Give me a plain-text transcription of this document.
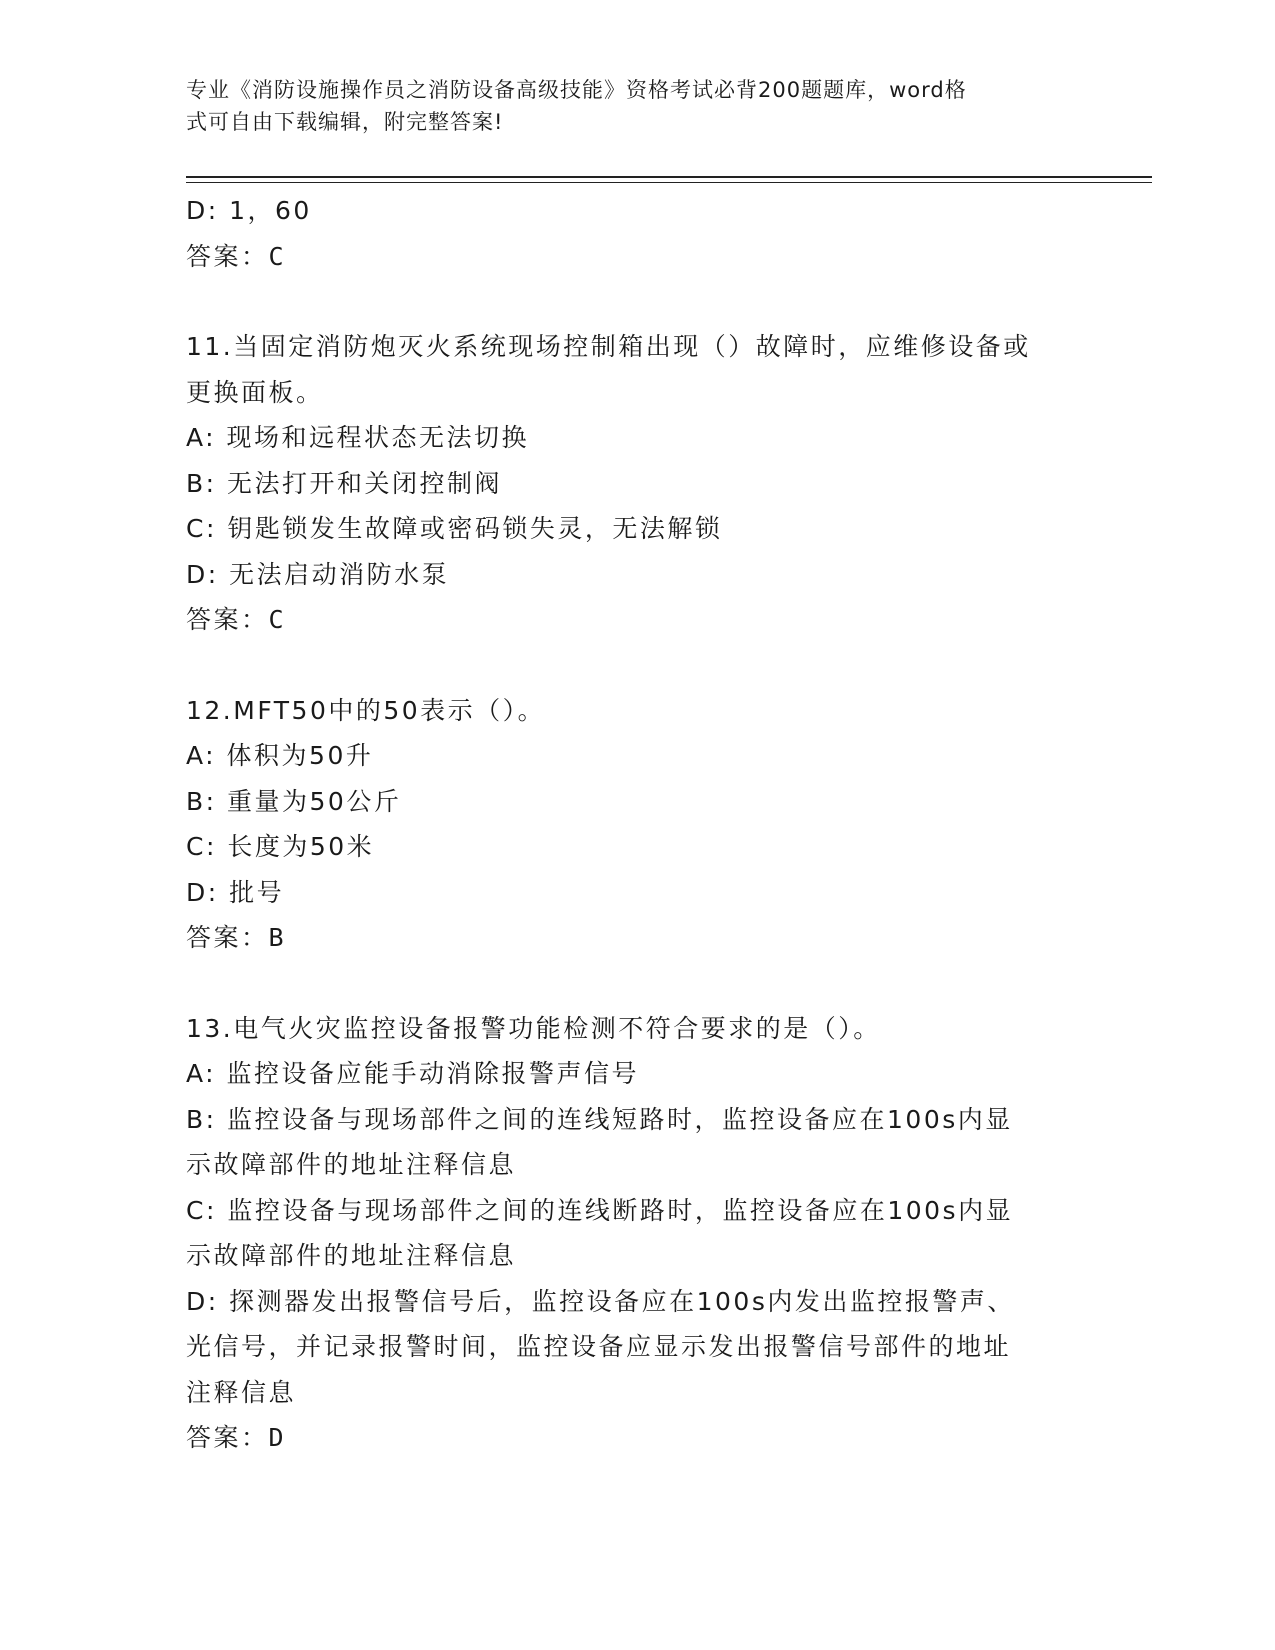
专业《消防设施操作员之消防设备高级技能》资格考试必背200题题库，word格
式可自由下载编辑，附完整答案!
D: 1，60
答案：C
11.当固定消防炮灭火系统现场控制箱出现（）故障时，应维修设备或
更换面板。
A: 现场和远程状态无法切换
B: 无法打开和关闭控制阀
C: 钥匙锁发生故障或密码锁失灵，无法解锁
D: 无法启动消防水泵
答案：C
12.MFT50中的50表示（）。
A: 体积为50升
B: 重量为50公斤
C: 长度为50米
D: 批号
答案：B
13.电气火灾监控设备报警功能检测不符合要求的是（）。
A: 监控设备应能手动消除报警声信号
B: 监控设备与现场部件之间的连线短路时，监控设备应在100s内显
示故障部件的地址注释信息
C: 监控设备与现场部件之间的连线断路时，监控设备应在100s内显
示故障部件的地址注释信息
D: 探测器发出报警信号后，监控设备应在100s内发出监控报警声、
光信号，并记录报警时间，监控设备应显示发出报警信号部件的地址
注释信息
答案：D
